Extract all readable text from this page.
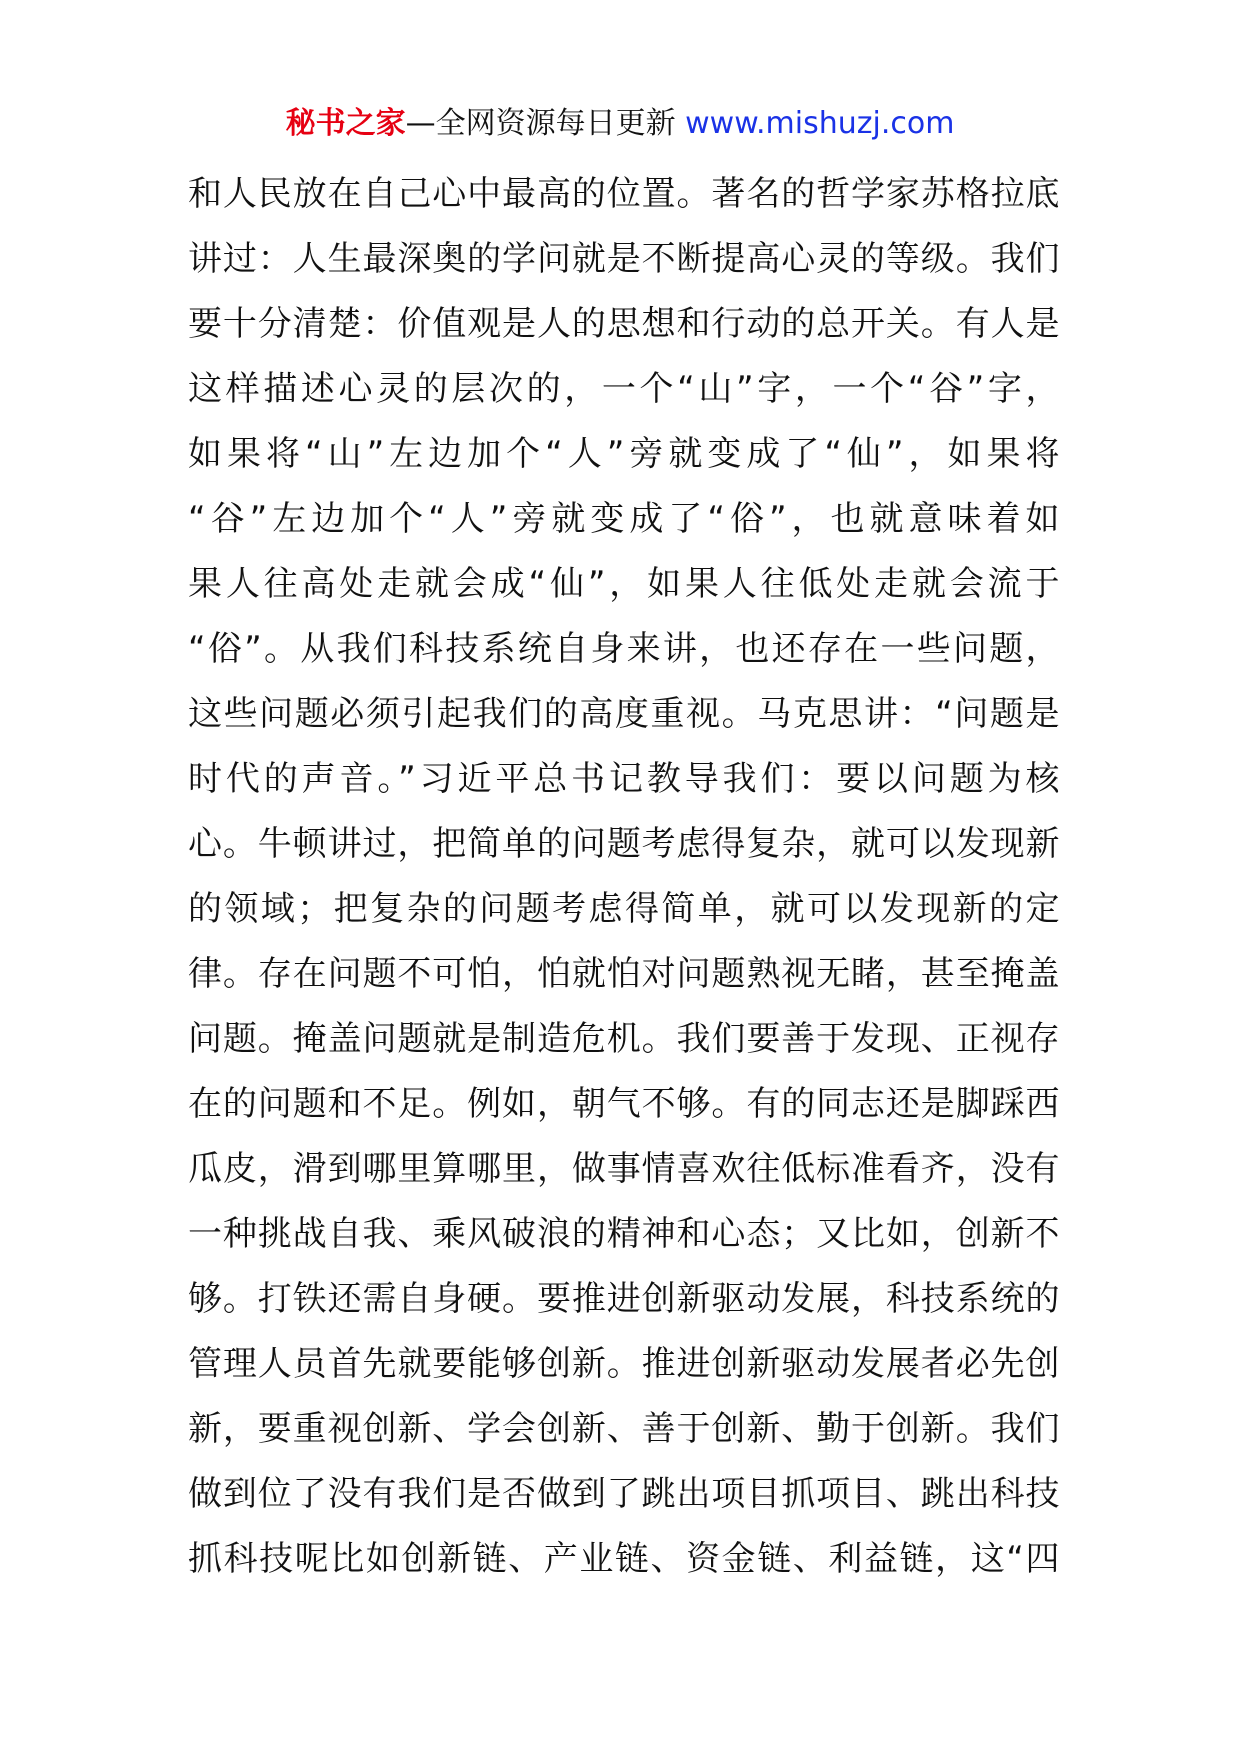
秘书之家—全网资源每日更新 www.mishuzj.com
和人民放在自己心中最高的位置。著名的哲学家苏格拉底
讲过：人生最深奥的学问就是不断提高心灵的等级。我们
要十分清楚：价值观是人的思想和行动的总开关。有人是
这样描述心灵的层次的，一个“山”字，一个“谷”字，
如果将“山”左边加个“人”旁就变成了“仙”，如果将
“谷”左边加个“人”旁就变成了“俗”，也就意味着如
果人往高处走就会成“仙”，如果人往低处走就会流于
“俗”。从我们科技系统自身来讲，也还存在一些问题，
这些问题必须引起我们的高度重视。马克思讲：“问题是
时代的声音。”习近平总书记教导我们：要以问题为核
心。牛顿讲过，把简单的问题考虑得复杂，就可以发现新
的领域；把复杂的问题考虑得简单，就可以发现新的定
律。存在问题不可怕，怕就怕对问题熟视无睹，甚至掩盖
问题。掩盖问题就是制造危机。我们要善于发现、正视存
在的问题和不足。例如，朝气不够。有的同志还是脚踩西
瓜皮，滑到哪里算哪里，做事情喜欢往低标准看齐，没有
一种挑战自我、乘风破浪的精神和心态；又比如，创新不
够。打铁还需自身硬。要推进创新驱动发展，科技系统的
管理人员首先就要能够创新。推进创新驱动发展者必先创
新，要重视创新、学会创新、善于创新、勤于创新。我们
做到位了没有我们是否做到了跳出项目抓项目、跳出科技
抓科技呢比如创新链、产业链、资金链、利益链，这“四
